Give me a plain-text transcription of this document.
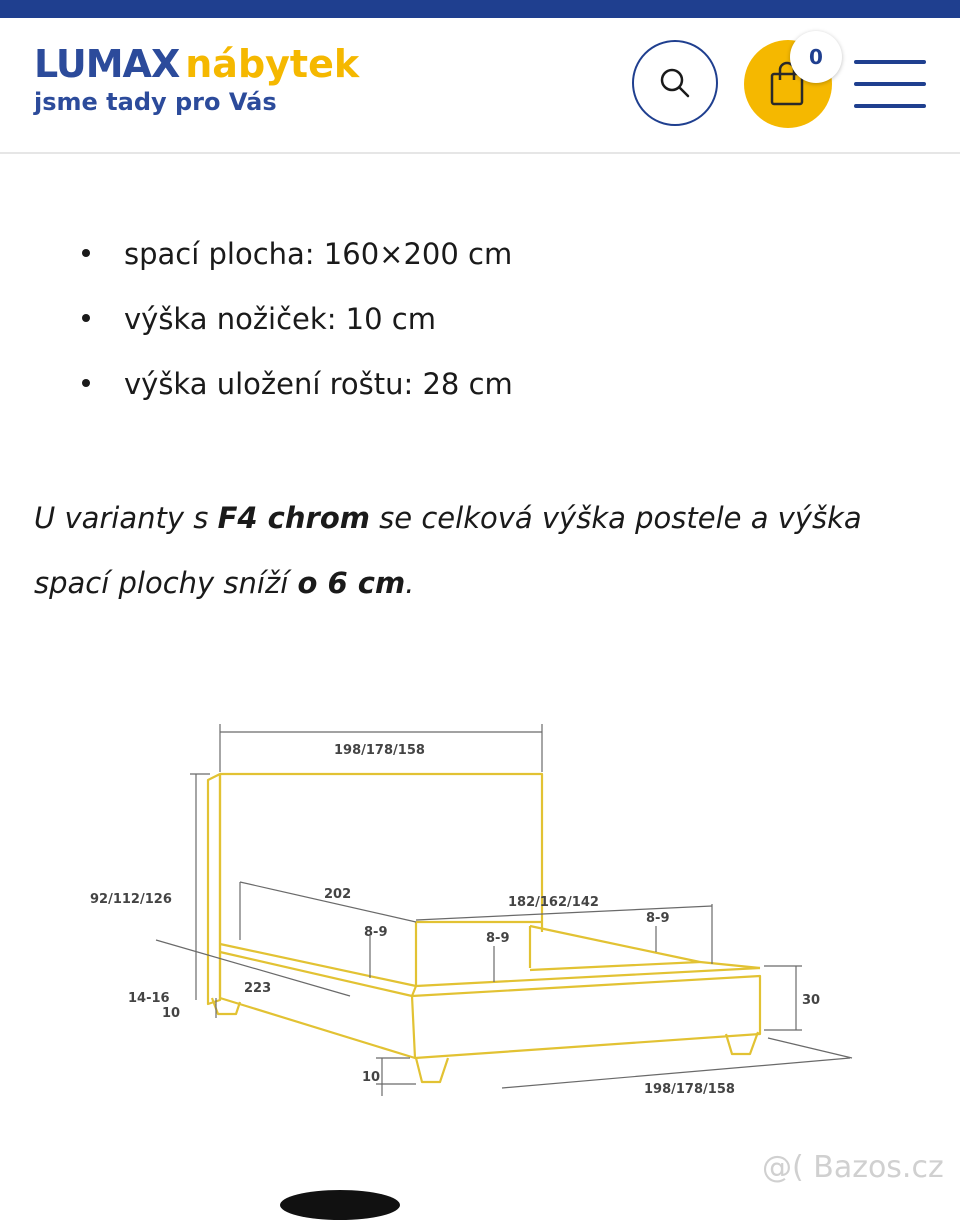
LUMAX nábytek
jsme tady pro Vás
0
spací plocha: 160×200 cm
výška nožiček: 10 cm
výška uložení roštu: 28 cm

U varianty s F4 chrom se celková výška postele a výška spací plochy sníží o 6 cm.

198/178/158
92/112/126	202
182/162/142
8-9	8-9
8-9
223
14-16
10
10
30
198/178/158
@( Bazos.cz
